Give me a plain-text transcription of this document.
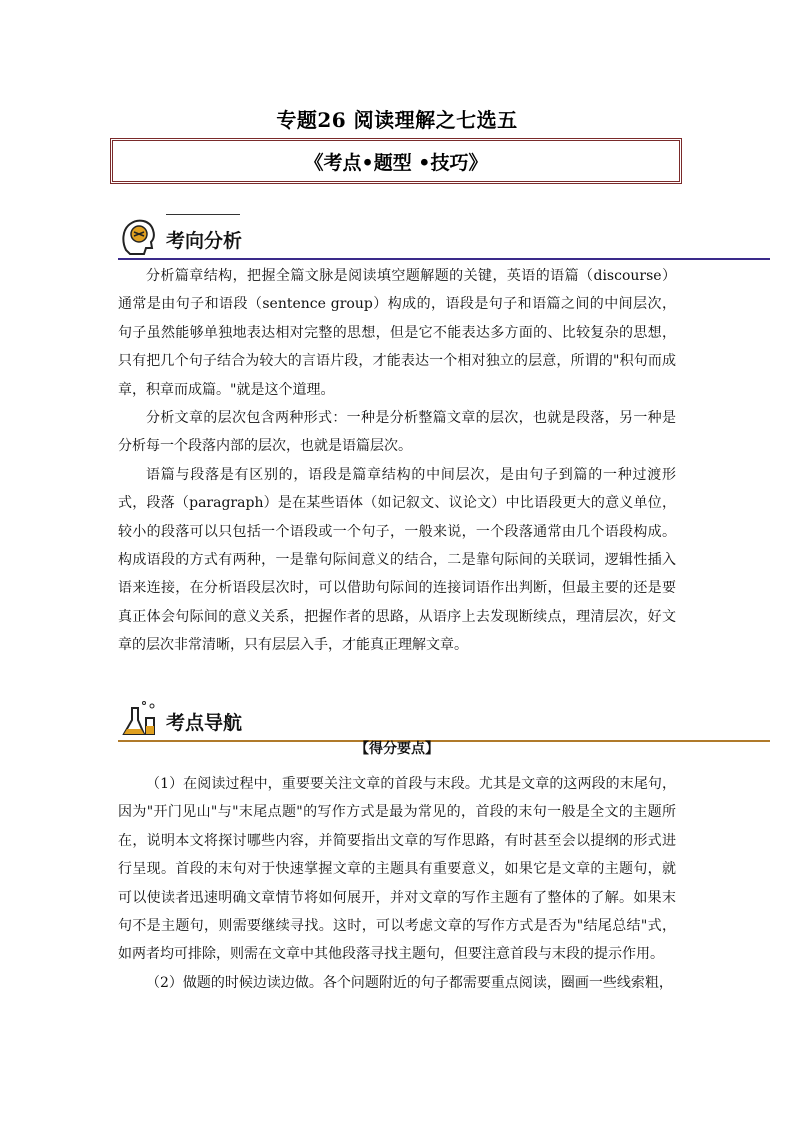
专题26 阅读理解之七选五
《考点•题型 •技巧》
考向分析

分析篇章结构，把握全篇文脉是阅读填空题解题的关键，英语的语篇（discourse）通常是由句子和语段（sentence group）构成的，语段是句子和语篇之间的中间层次，句子虽然能够单独地表达相对完整的思想，但是它不能表达多方面的、比较复杂的思想，只有把几个句子结合为较大的言语片段，才能表达一个相对独立的层意，所谓的"积句而成章，积章而成篇。"就是这个道理。

分析文章的层次包含两种形式：一种是分析整篇文章的层次，也就是段落，另一种是分析每一个段落内部的层次，也就是语篇层次。

语篇与段落是有区别的，语段是篇章结构的中间层次，是由句子到篇的一种过渡形式，段落（paragraph）是在某些语体（如记叙文、议论文）中比语段更大的意义单位，较小的段落可以只包括一个语段或一个句子，一般来说，一个段落通常由几个语段构成。构成语段的方式有两种，一是靠句际间意义的结合，二是靠句际间的关联词，逻辑性插入语来连接，在分析语段层次时，可以借助句际间的连接词语作出判断，但最主要的还是要真正体会句际间的意义关系，把握作者的思路，从语序上去发现断续点，理清层次，好文章的层次非常清晰，只有层层入手，才能真正理解文章。

考点导航
【得分要点】

（1）在阅读过程中，重要要关注文章的首段与末段。尤其是文章的这两段的末尾句，因为"开门见山"与"末尾点题"的写作方式是最为常见的，首段的末句一般是全文的主题所在，说明本文将探讨哪些内容，并简要指出文章的写作思路，有时甚至会以提纲的形式进行呈现。首段的末句对于快速掌握文章的主题具有重要意义，如果它是文章的主题句，就可以使读者迅速明确文章情节将如何展开，并对文章的写作主题有了整体的了解。如果末句不是主题句，则需要继续寻找。这时，可以考虑文章的写作方式是否为"结尾总结"式，如两者均可排除，则需在文章中其他段落寻找主题句，但要注意首段与末段的提示作用。

（2）做题的时候边读边做。各个问题附近的句子都需要重点阅读，圈画一些线索粗，
